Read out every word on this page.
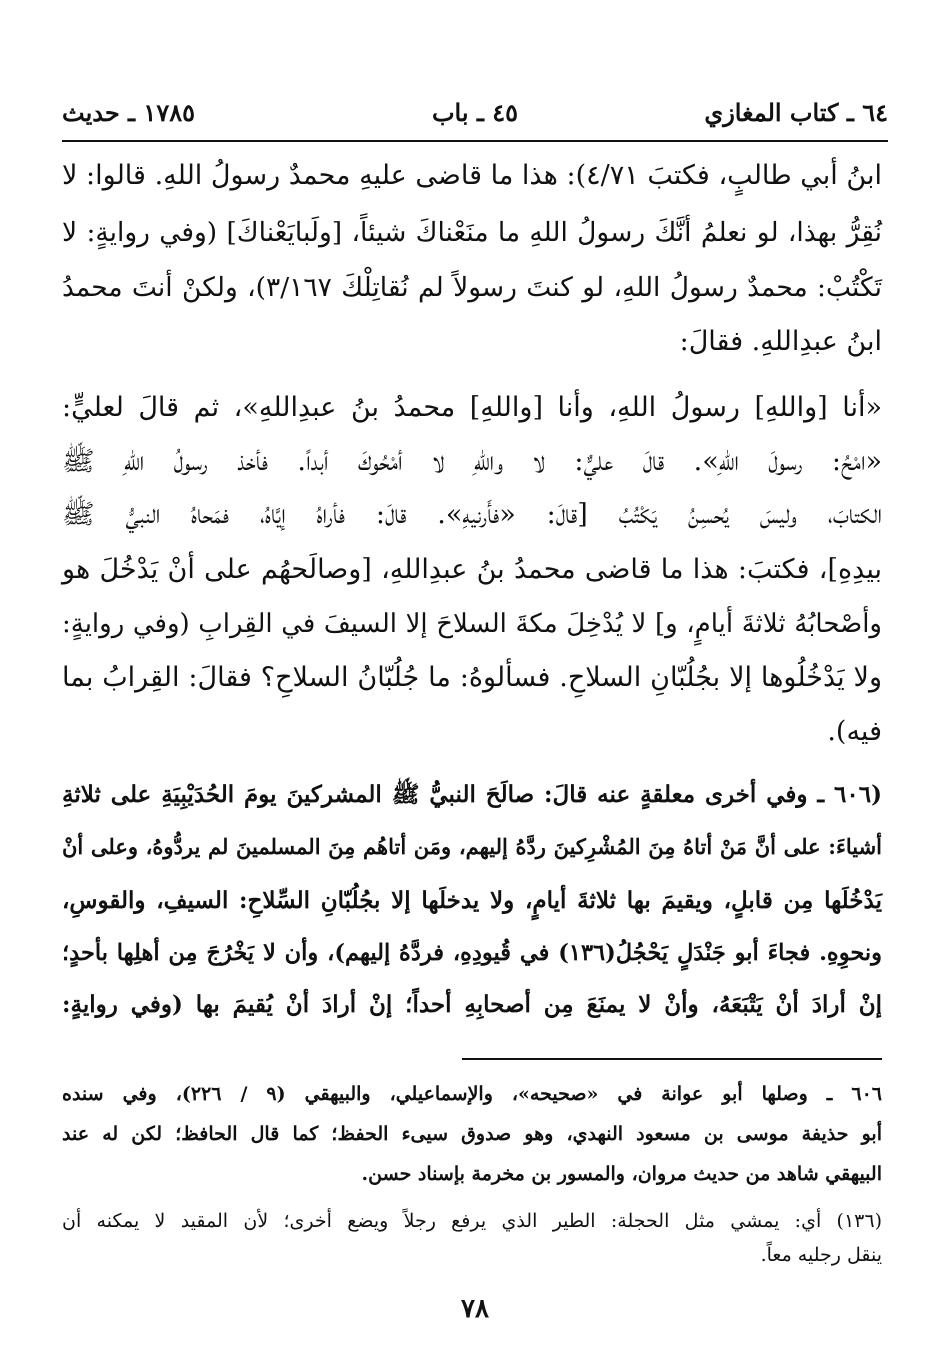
٦٤ ـ كتاب المغازي
٤٥ ـ باب
١٧٨٥ ـ حديث
ابنُ أبي طالبٍ، فكتبَ ٤/٧١): هذا ما قاضى عليهِ محمدٌ رسولُ اللهِ. قالوا: لا
نُقِرُّ بهذا، لو نعلمُ أنَّكَ رسولُ اللهِ ما منَعْناكَ شيئاً، [ولَبايَعْناكَ] (وفي روايةٍ: لا
تَكْتُبْ: محمدٌ رسولُ اللهِ، لو كنتَ رسولاً لم نُقاتِلْكَ ٣/١٦٧)، ولكنْ أنتَ محمدُ
ابنُ عبدِاللهِ. فقالَ:
«أنا [واللهِ] رسولُ اللهِ، وأنا [واللهِ] محمدُ بنُ عبدِاللهِ»، ثم قالَ لعليٍّ:
«امْحُ: رسولَ اللهِ». قالَ عليٌّ: لا واللهِ لا أمْحُوكَ أبداً. فأخذ رسولُ اللهِ ﷺ
الكتابَ، وليسَ يُحسِنُ يَكْتُبُ [قالَ: «فأَرنيهِ». قالَ: فأراهُ إيَّاهُ، فمَحاهُ النبيُّ ﷺ
بيدِهِ]، فكتبَ: هذا ما قاضى محمدُ بنُ عبدِاللهِ، [وصالَحهُم على أنْ يَدْخُلَ هو
وأصْحابُهُ ثلاثةَ أيامٍ، و] لا يُدْخِلَ مكةَ السلاحَ إلا السيفَ في القِرابِ (وفي روايةٍ:
ولا يَدْخُلُوها إلا بجُلُبّانِ السلاحِ. فسألوهُ: ما جُلُبّانُ السلاحِ؟ فقالَ: القِرابُ بما
فيه).
(٦٠٦ ـ وفي أخرى معلقةٍ عنه قالَ: صالَحَ النبيُّ ﷺ المشركينَ يومَ الحُدَيْبِيَةِ على ثلاثةِ
أشياءَ: على أنَّ مَنْ أتاهُ مِنَ المُشْرِكينَ ردَّهُ إليهم، ومَن أتاهُم مِنَ المسلمينَ لم يردُّوهُ، وعلى أنْ
يَدْخُلَها مِن قابلٍ، ويقيمَ بها ثلاثةَ أيامٍ، ولا يدخلَها إلا بجُلُبّانِ السِّلاحِ: السيفِ، والقوسِ،
ونحوِهِ. فجاءَ أبو جَنْدَلٍ يَحْجُلُ(١٣٦) في قُيودِهِ، فردَّهُ إليهم)، وأن لا يَخْرُجَ مِن أهلِها بأحدٍ؛
إنْ أرادَ أنْ يَتْبَعَهُ، وأنْ لا يمنَعَ مِن أصحابِهِ أحداً؛ إنْ أرادَ أنْ يُقيمَ بها (وفي روايةٍ:
٦٠٦ ـ وصلها أبو عوانة في «صحيحه»، والإسماعيلي، والبيهقي (٩ / ٢٢٦)، وفي سنده
أبو حذيفة موسى بن مسعود النهدي، وهو صدوق سيىء الحفظ؛ كما قال الحافظ؛ لكن له عند
البيهقي شاهد من حديث مروان، والمسور بن مخرمة بإسناد حسن.
(١٣٦) أي: يمشي مثل الحجلة: الطير الذي يرفع رجلاً ويضع أخرى؛ لأن المقيد لا يمكنه أن
ينقل رجليه معاً.
٧٨
